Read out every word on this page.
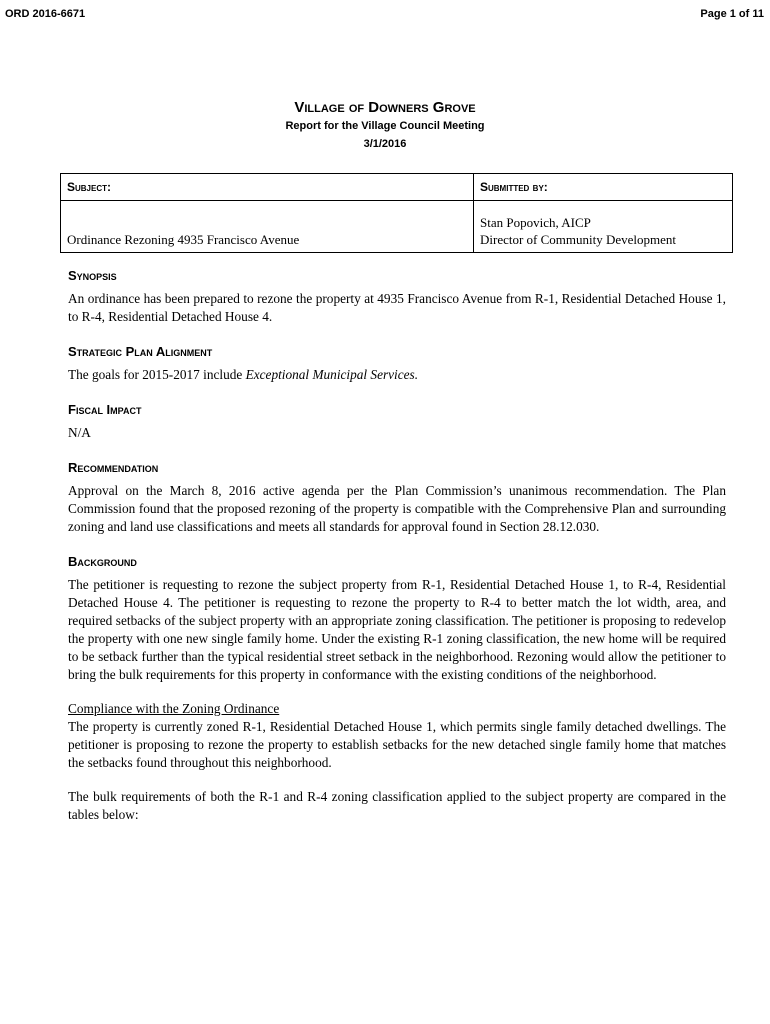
ORD 2016-6671	Page 1 of 11
Village of Downers Grove
Report for the Village Council Meeting
3/1/2016
Subject:	Submitted by:
Ordinance Rezoning 4935 Francisco Avenue	Stan Popovich, AICP
Director of Community Development
Synopsis

An ordinance has been prepared to rezone the property at 4935 Francisco Avenue from R-1, Residential Detached House 1, to R-4, Residential Detached House 4.

Strategic Plan Alignment

The goals for 2015-2017 include Exceptional Municipal Services.

Fiscal Impact

N/A

Recommendation

Approval on the March 8, 2016 active agenda per the Plan Commission’s unanimous recommendation. The Plan Commission found that the proposed rezoning of the property is compatible with the Comprehensive Plan and surrounding zoning and land use classifications and meets all standards for approval found in Section 28.12.030.

Background

The petitioner is requesting to rezone the subject property from R-1, Residential Detached House 1, to R-4, Residential Detached House 4. The petitioner is requesting to rezone the property to R-4 to better match the lot width, area, and required setbacks of the subject property with an appropriate zoning classification. The petitioner is proposing to redevelop the property with one new single family home. Under the existing R-1 zoning classification, the new home will be required to be setback further than the typical residential street setback in the neighborhood. Rezoning would allow the petitioner to bring the bulk requirements for this property in conformance with the existing conditions of the neighborhood.

Compliance with the Zoning Ordinance

The property is currently zoned R-1, Residential Detached House 1, which permits single family detached dwellings. The petitioner is proposing to rezone the property to establish setbacks for the new detached single family home that matches the setbacks found throughout this neighborhood.

The bulk requirements of both the R-1 and R-4 zoning classification applied to the subject property are compared in the tables below:
